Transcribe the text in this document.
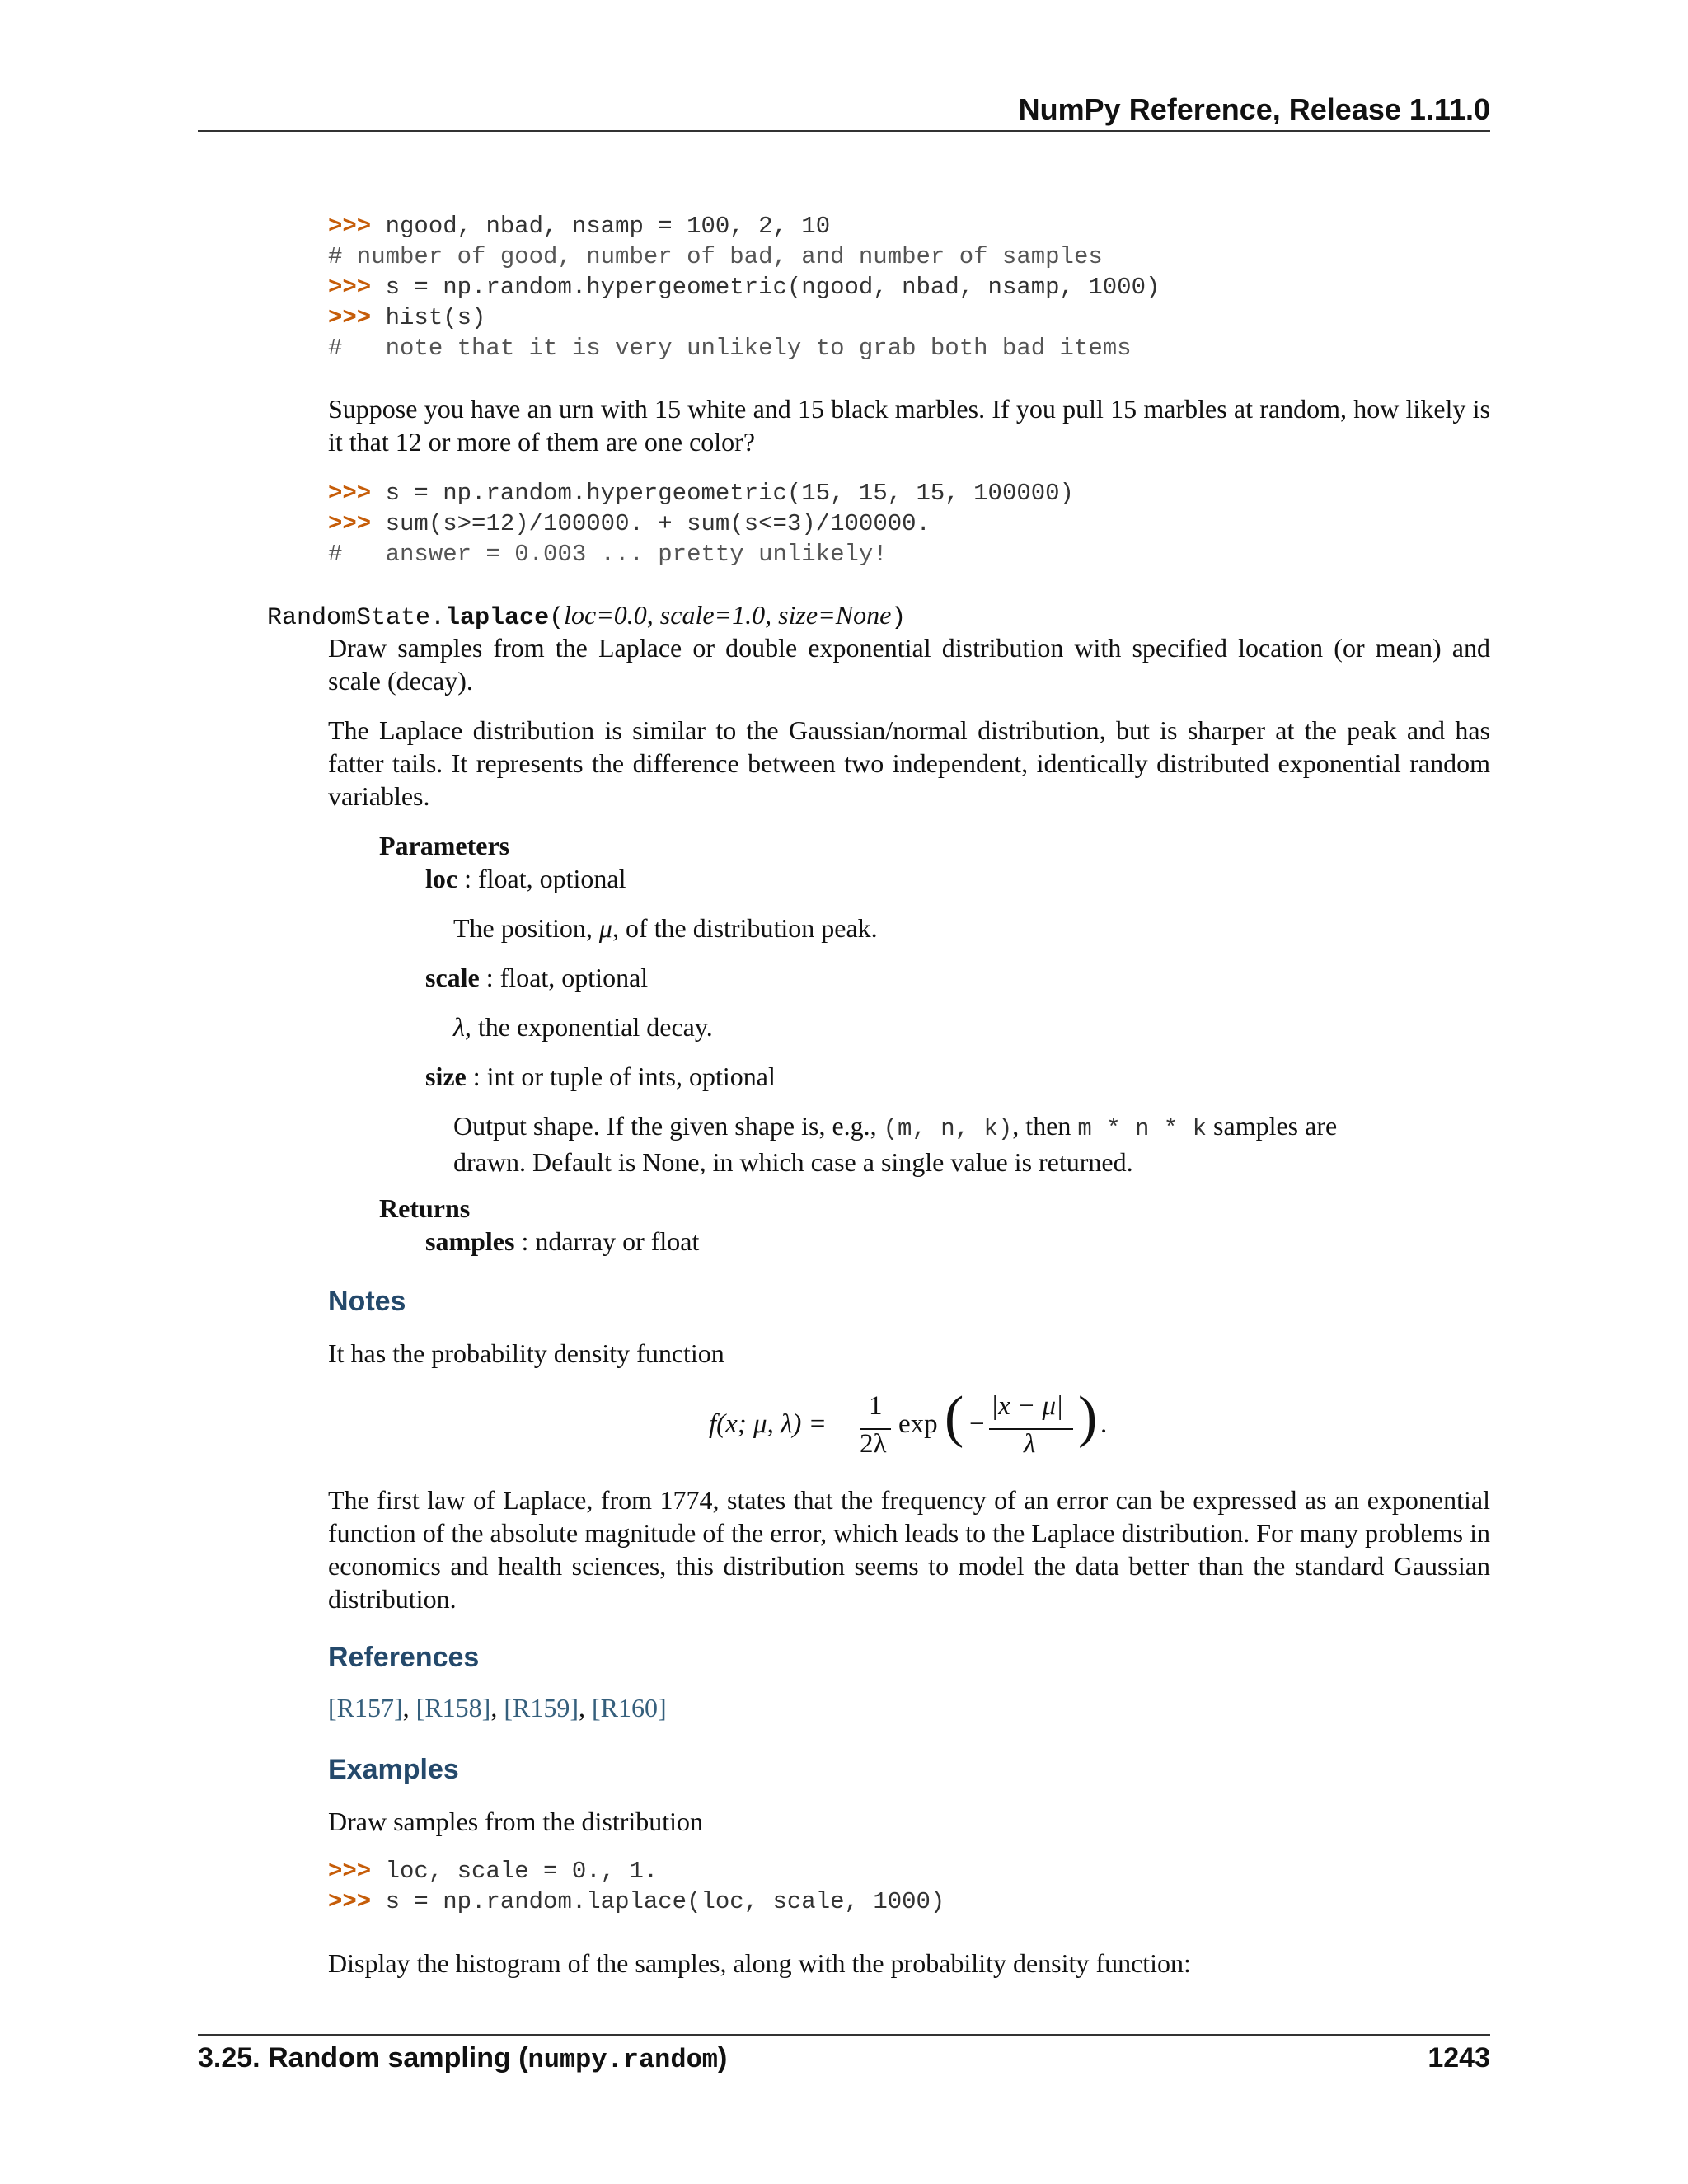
NumPy Reference, Release 1.11.0
>>> ngood, nbad, nsamp = 100, 2, 10
# number of good, number of bad, and number of samples
>>> s = np.random.hypergeometric(ngood, nbad, nsamp, 1000)
>>> hist(s)
#   note that it is very unlikely to grab both bad items

Suppose you have an urn with 15 white and 15 black marbles. If you pull 15 marbles at random, how likely is it that 12 or more of them are one color?

>>> s = np.random.hypergeometric(15, 15, 15, 100000)
>>> sum(s>=12)/100000. + sum(s<=3)/100000.
#   answer = 0.003 ... pretty unlikely!
RandomState.laplace(loc=0.0, scale=1.0, size=None)

Draw samples from the Laplace or double exponential distribution with specified location (or mean) and scale (decay).

The Laplace distribution is similar to the Gaussian/normal distribution, but is sharper at the peak and has fatter tails. It represents the difference between two independent, identically distributed exponential random variables.

Parameters
loc : float, optional

The position, μ, of the distribution peak.

scale : float, optional

λ, the exponential decay.

size : int or tuple of ints, optional

Output shape. If the given shape is, e.g., (m, n, k), then m * n * k samples are drawn. Default is None, in which case a single value is returned.

Returns
samples : ndarray or float
Notes

It has the probability density function

f(x; μ, λ) =
1
2λ
exp ( −
|x − μ|
λ ) .

The first law of Laplace, from 1774, states that the frequency of an error can be expressed as an exponential function of the absolute magnitude of the error, which leads to the Laplace distribution. For many problems in economics and health sciences, this distribution seems to model the data better than the standard Gaussian distribution.

References
[R157], [R158], [R159], [R160]
Examples

Draw samples from the distribution

>>> loc, scale = 0., 1.
>>> s = np.random.laplace(loc, scale, 1000)

Display the histogram of the samples, along with the probability density function:

3.25. Random sampling (numpy.random)	1243
